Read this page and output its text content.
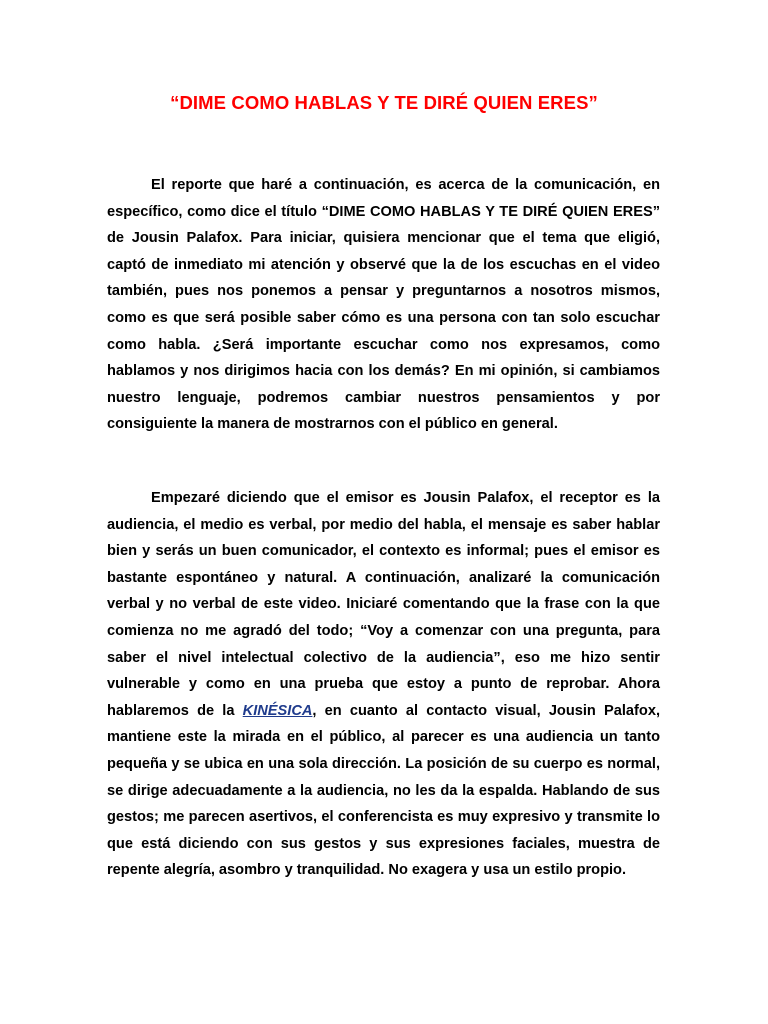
“DIME COMO HABLAS Y TE DIRÉ QUIEN ERES”

El reporte que haré a continuación, es acerca de la comunicación, en específico, como dice el título “DIME COMO HABLAS Y TE DIRÉ QUIEN ERES” de Jousin Palafox. Para iniciar, quisiera mencionar que el tema que eligió, captó de inmediato mi atención y observé que la de los escuchas en el video también, pues nos ponemos a pensar y preguntarnos a nosotros mismos, como es que será posible saber cómo es una persona con tan solo escuchar como habla. ¿Será importante escuchar como nos expresamos, como hablamos y nos dirigimos hacia con los demás? En mi opinión, si cambiamos nuestro lenguaje, podremos cambiar nuestros pensamientos y por consiguiente la manera de mostrarnos con el público en general.

Empezaré diciendo que el emisor es Jousin Palafox, el receptor es la audiencia, el medio es verbal, por medio del habla, el mensaje es saber hablar bien y serás un buen comunicador, el contexto es informal; pues el emisor es bastante espontáneo y natural. A continuación, analizaré la comunicación verbal y no verbal de este video. Iniciaré comentando que la frase con la que comienza no me agradó del todo; “Voy a comenzar con una pregunta, para saber el nivel intelectual colectivo de la audiencia”, eso me hizo sentir vulnerable y como en una prueba que estoy a punto de reprobar. Ahora hablaremos de la KINÉSICA, en cuanto al contacto visual, Jousin Palafox, mantiene este la mirada en el público, al parecer es una audiencia un tanto pequeña y se ubica en una sola dirección. La posición de su cuerpo es normal, se dirige adecuadamente a la audiencia, no les da la espalda. Hablando de sus gestos; me parecen asertivos, el conferencista es muy expresivo y transmite lo que está diciendo con sus gestos y sus expresiones faciales, muestra de repente alegría, asombro y tranquilidad. No exagera y usa un estilo propio.
